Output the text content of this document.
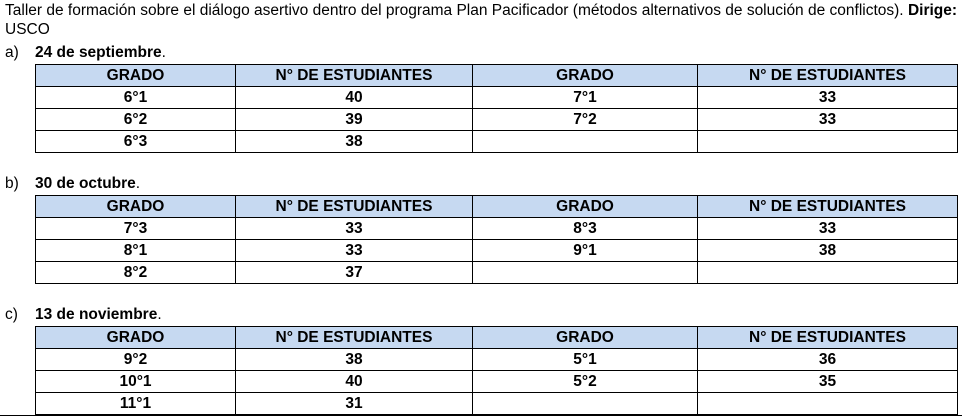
Taller de formación sobre el diálogo asertivo dentro del programa Plan Pacificador (métodos alternativos de solución de conflictos). Dirige: USCO
a) 24 de septiembre.
GRADO	N° DE ESTUDIANTES	GRADO	N° DE ESTUDIANTES
6°1	40	7°1	33
6°2	39	7°2	33
6°3	38		
b) 30 de octubre.
GRADO	N° DE ESTUDIANTES	GRADO	N° DE ESTUDIANTES
7°3	33	8°3	33
8°1	33	9°1	38
8°2	37		
c) 13 de noviembre.
GRADO	N° DE ESTUDIANTES	GRADO	N° DE ESTUDIANTES
9°2	38	5°1	36
10°1	40	5°2	35
11°1	31		
